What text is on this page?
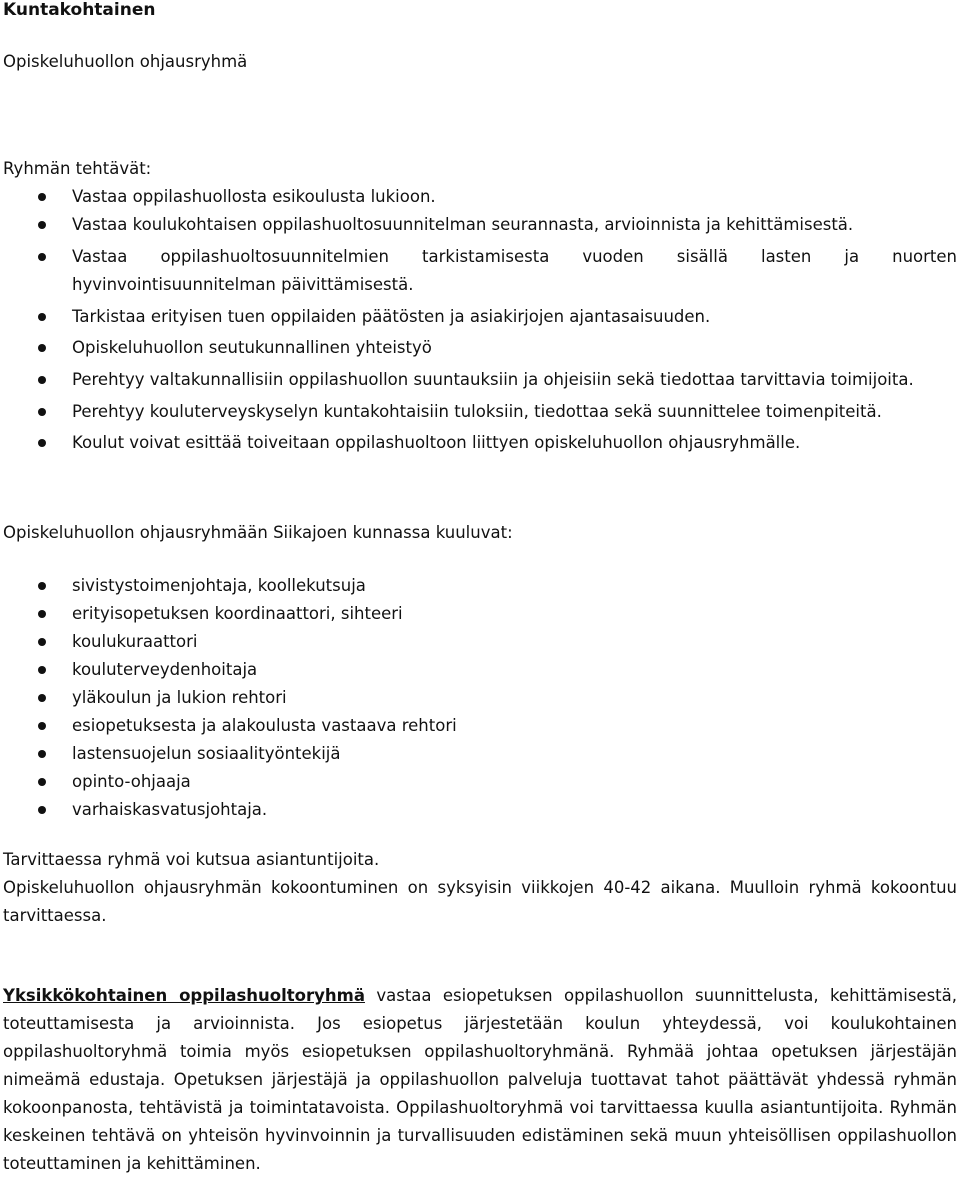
Kuntakohtainen
Opiskeluhuollon ohjausryhmä
Ryhmän tehtävät:
Vastaa oppilashuollosta esikoulusta lukioon.
Vastaa koulukohtaisen oppilashuoltosuunnitelman seurannasta, arvioinnista ja kehittämisestä.
Vastaa oppilashuoltosuunnitelmien tarkistamisesta vuoden sisällä lasten ja nuorten hyvinvointisuunnitelman päivittämisestä.
Tarkistaa erityisen tuen oppilaiden päätösten ja asiakirjojen ajantasaisuuden.
Opiskeluhuollon seutukunnallinen yhteistyö
Perehtyy valtakunnallisiin oppilashuollon suuntauksiin ja ohjeisiin sekä tiedottaa tarvittavia toimijoita.
Perehtyy kouluterveyskyselyn kuntakohtaisiin tuloksiin, tiedottaa sekä suunnittelee toimenpiteitä.
Koulut voivat esittää toiveitaan oppilashuoltoon liittyen opiskeluhuollon ohjausryhmälle.
Opiskeluhuollon ohjausryhmään Siikajoen kunnassa kuuluvat:
sivistystoimenjohtaja, koollekutsuja
erityisopetuksen koordinaattori, sihteeri
koulukuraattori
kouluterveydenhoitaja
yläkoulun ja lukion rehtori
esiopetuksesta ja alakoulusta vastaava rehtori
lastensuojelun sosiaalityöntekijä
opinto-ohjaaja
varhaiskasvatusjohtaja.
Tarvittaessa ryhmä voi kutsua asiantuntijoita.
Opiskeluhuollon ohjausryhmän kokoontuminen on syksyisin viikkojen 40-42 aikana. Muulloin ryhmä kokoontuu tarvittaessa.
Yksikkökohtainen oppilashuoltoryhmä vastaa esiopetuksen oppilashuollon suunnittelusta, kehittämisestä, toteuttamisesta ja arvioinnista. Jos esiopetus järjestetään koulun yhteydessä, voi koulukohtainen oppilashuoltoryhmä toimia myös esiopetuksen oppilashuoltoryhmänä. Ryhmää johtaa opetuksen järjestäjän nimeämä edustaja. Opetuksen järjestäjä ja oppilashuollon palveluja tuottavat tahot päättävät yhdessä ryhmän kokoonpanosta, tehtävistä ja toimintatavoista. Oppilashuoltoryhmä voi tarvittaessa kuulla asiantuntijoita. Ryhmän keskeinen tehtävä on yhteisön hyvinvoinnin ja turvallisuuden edistäminen sekä muun yhteisöllisen oppilashuollon toteuttaminen ja kehittäminen.
